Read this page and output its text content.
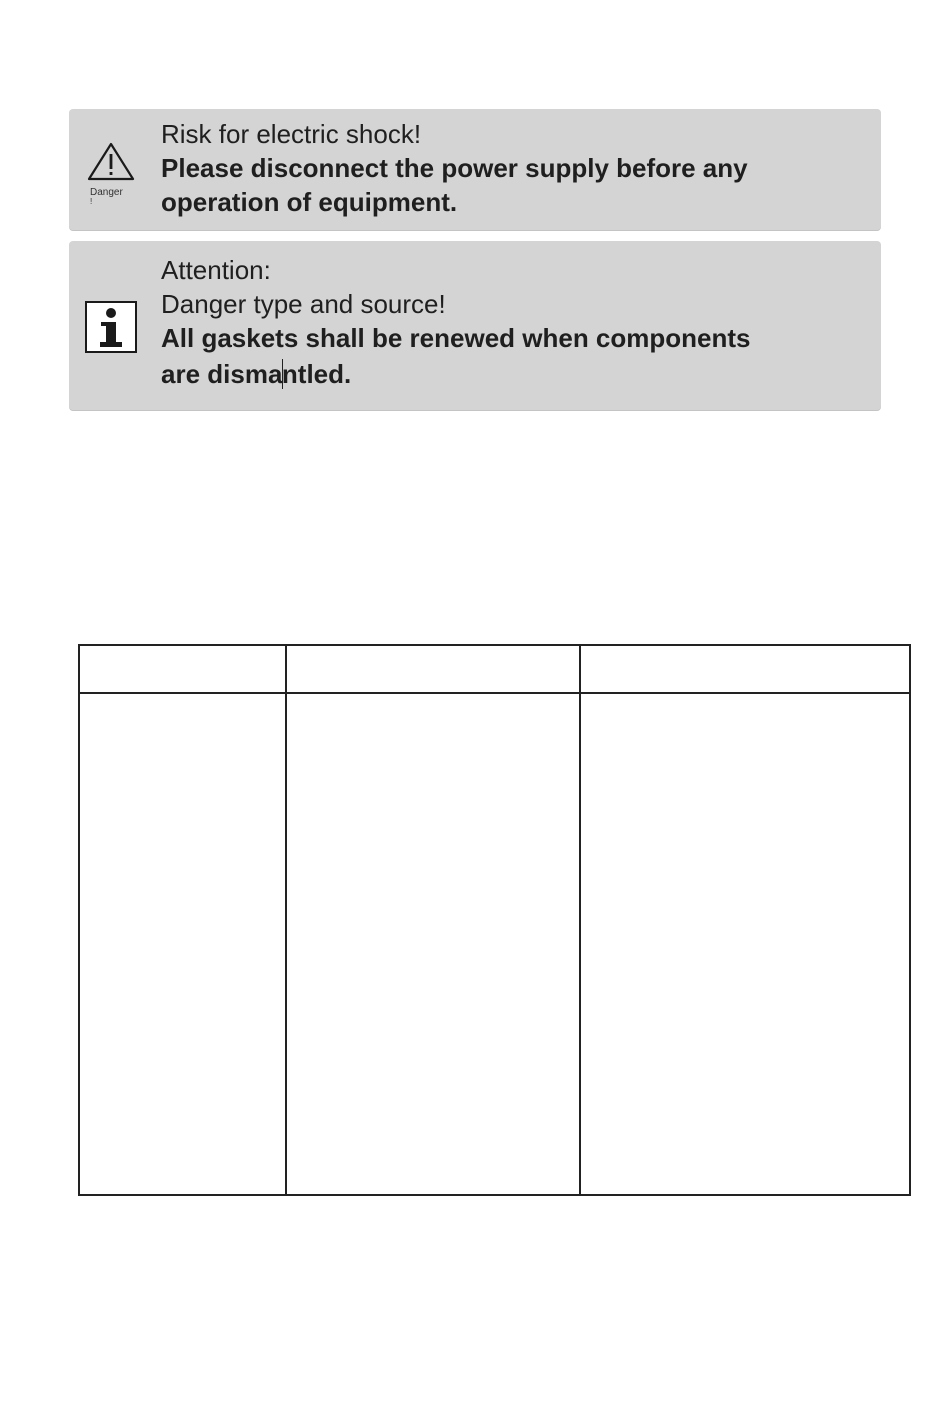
Danger
!

Risk for electric shock!
Please disconnect the power supply before any
operation of equipment.

Attention:
Danger type and source!
All gaskets shall be renewed when components
are dismantled.
